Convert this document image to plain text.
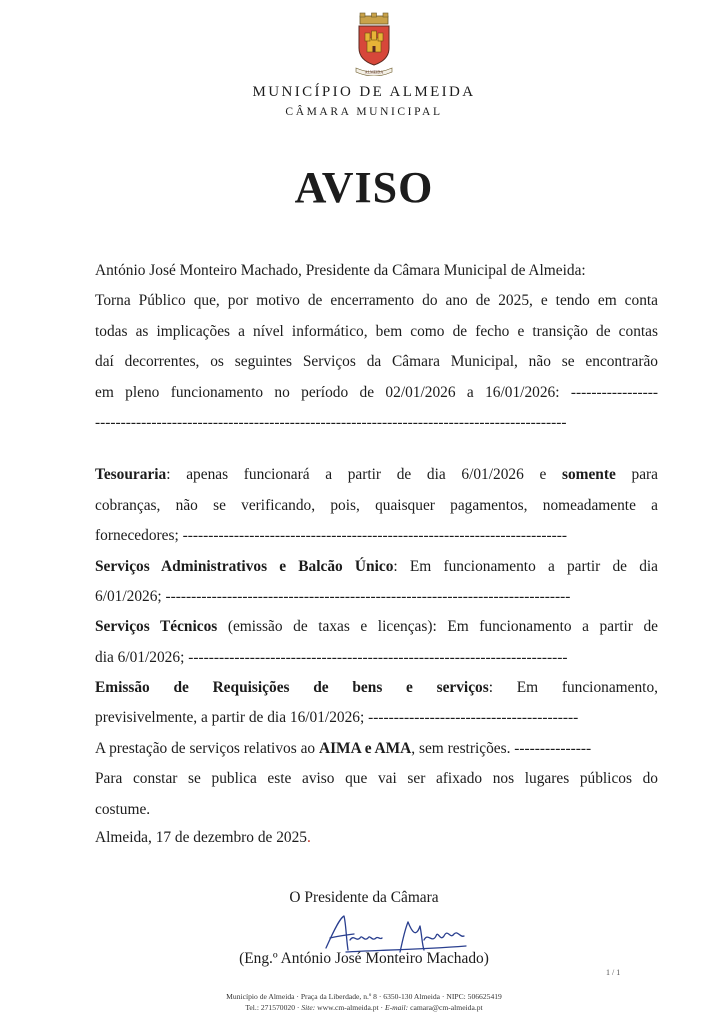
ALMEIDA
MUNICÍPIO DE ALMEIDA
CÂMARA MUNICIPAL
AVISO
António José Monteiro Machado, Presidente da Câmara Municipal de Almeida:
Torna Público que, por motivo de encerramento do ano de 2025, e tendo em conta
todas as implicações a nível informático, bem como de fecho e transição de contas
daí decorrentes, os seguintes Serviços da Câmara Municipal, não se encontrarão
em pleno funcionamento no período de 02/01/2026 a 16/01/2026: -----------------
--------------------------------------------------------------------------------------------
Tesouraria: apenas funcionará a partir de dia 6/01/2026 e somente para
cobranças, não se verificando, pois, quaisquer pagamentos, nomeadamente a
fornecedores; ---------------------------------------------------------------------------
Serviços Administrativos e Balcão Único: Em funcionamento a partir de dia
6/01/2026; -------------------------------------------------------------------------------
Serviços Técnicos (emissão de taxas e licenças): Em funcionamento a partir de
dia 6/01/2026; --------------------------------------------------------------------------
Emissão de Requisições de bens e serviços: Em funcionamento,
previsivelmente, a partir de dia 16/01/2026; -----------------------------------------
A prestação de serviços relativos ao AIMA e AMA, sem restrições. ---------------
Para constar se publica este aviso que vai ser afixado nos lugares públicos do
costume.
Almeida, 17 de dezembro de 2025.
O Presidente da Câmara
(Eng.º António José Monteiro Machado)
1 / 1
Município de Almeida · Praça da Liberdade, n.º 8 · 6350-130 Almeida · NIPC: 506625419
Tel.: 271570020 · Site: www.cm-almeida.pt · E-mail: camara@cm-almeida.pt
